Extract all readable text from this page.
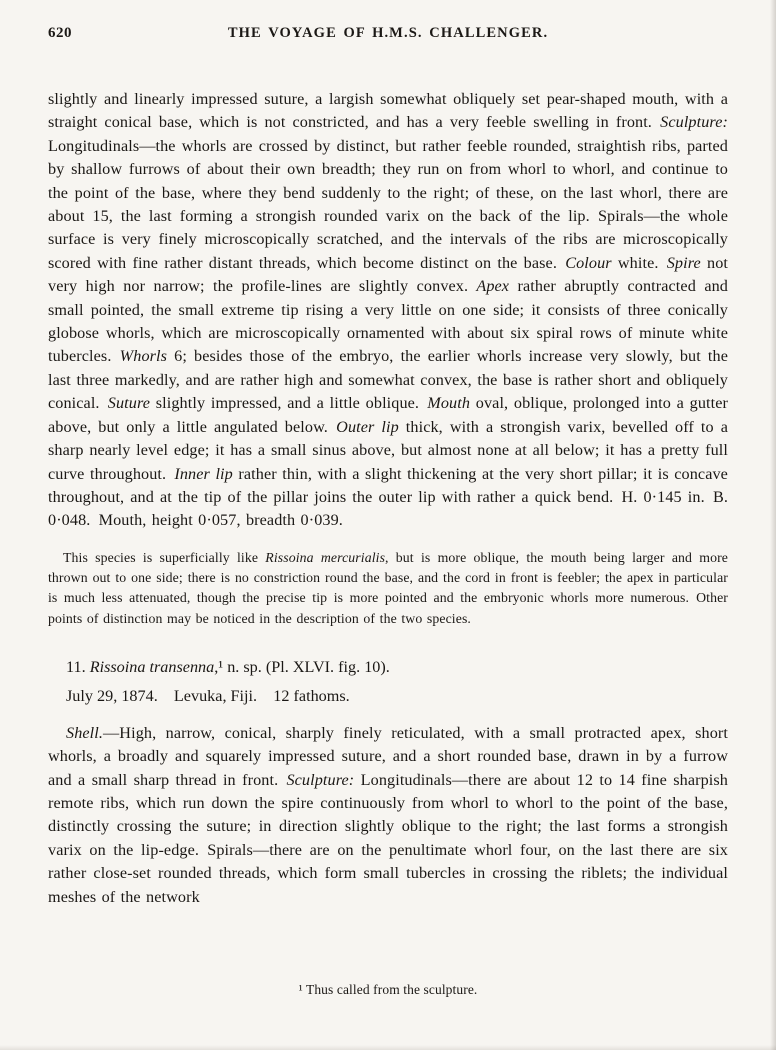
620	THE VOYAGE OF H.M.S. CHALLENGER.

slightly and linearly impressed suture, a largish somewhat obliquely set pear-shaped mouth, with a straight conical base, which is not constricted, and has a very feeble swelling in front. Sculpture: Longitudinals—the whorls are crossed by distinct, but rather feeble rounded, straightish ribs, parted by shallow furrows of about their own breadth; they run on from whorl to whorl, and continue to the point of the base, where they bend suddenly to the right; of these, on the last whorl, there are about 15, the last forming a strongish rounded varix on the back of the lip. Spirals—the whole surface is very finely microscopically scratched, and the intervals of the ribs are microscopically scored with fine rather distant threads, which become distinct on the base. Colour white. Spire not very high nor narrow; the profile-lines are slightly convex. Apex rather abruptly contracted and small pointed, the small extreme tip rising a very little on one side; it consists of three conically globose whorls, which are microscopically ornamented with about six spiral rows of minute white tubercles. Whorls 6; besides those of the embryo, the earlier whorls increase very slowly, but the last three markedly, and are rather high and somewhat convex, the base is rather short and obliquely conical. Suture slightly impressed, and a little oblique. Mouth oval, oblique, prolonged into a gutter above, but only a little angulated below. Outer lip thick, with a strongish varix, bevelled off to a sharp nearly level edge; it has a small sinus above, but almost none at all below; it has a pretty full curve throughout. Inner lip rather thin, with a slight thickening at the very short pillar; it is concave throughout, and at the tip of the pillar joins the outer lip with rather a quick bend. H. 0·145 in. B. 0·048. Mouth, height 0·057, breadth 0·039.

This species is superficially like Rissoina mercurialis, but is more oblique, the mouth being larger and more thrown out to one side; there is no constriction round the base, and the cord in front is feebler; the apex in particular is much less attenuated, though the precise tip is more pointed and the embryonic whorls more numerous. Other points of distinction may be noticed in the description of the two species.

11. Rissoina transenna,¹ n. sp. (Pl. XLVI. fig. 10).

July 29, 1874. Levuka, Fiji. 12 fathoms.

Shell.—High, narrow, conical, sharply finely reticulated, with a small protracted apex, short whorls, a broadly and squarely impressed suture, and a short rounded base, drawn in by a furrow and a small sharp thread in front. Sculpture: Longitudinals—there are about 12 to 14 fine sharpish remote ribs, which run down the spire continuously from whorl to whorl to the point of the base, distinctly crossing the suture; in direction slightly oblique to the right; the last forms a strongish varix on the lip-edge. Spirals—there are on the penultimate whorl four, on the last there are six rather close-set rounded threads, which form small tubercles in crossing the riblets; the individual meshes of the network

¹ Thus called from the sculpture.
